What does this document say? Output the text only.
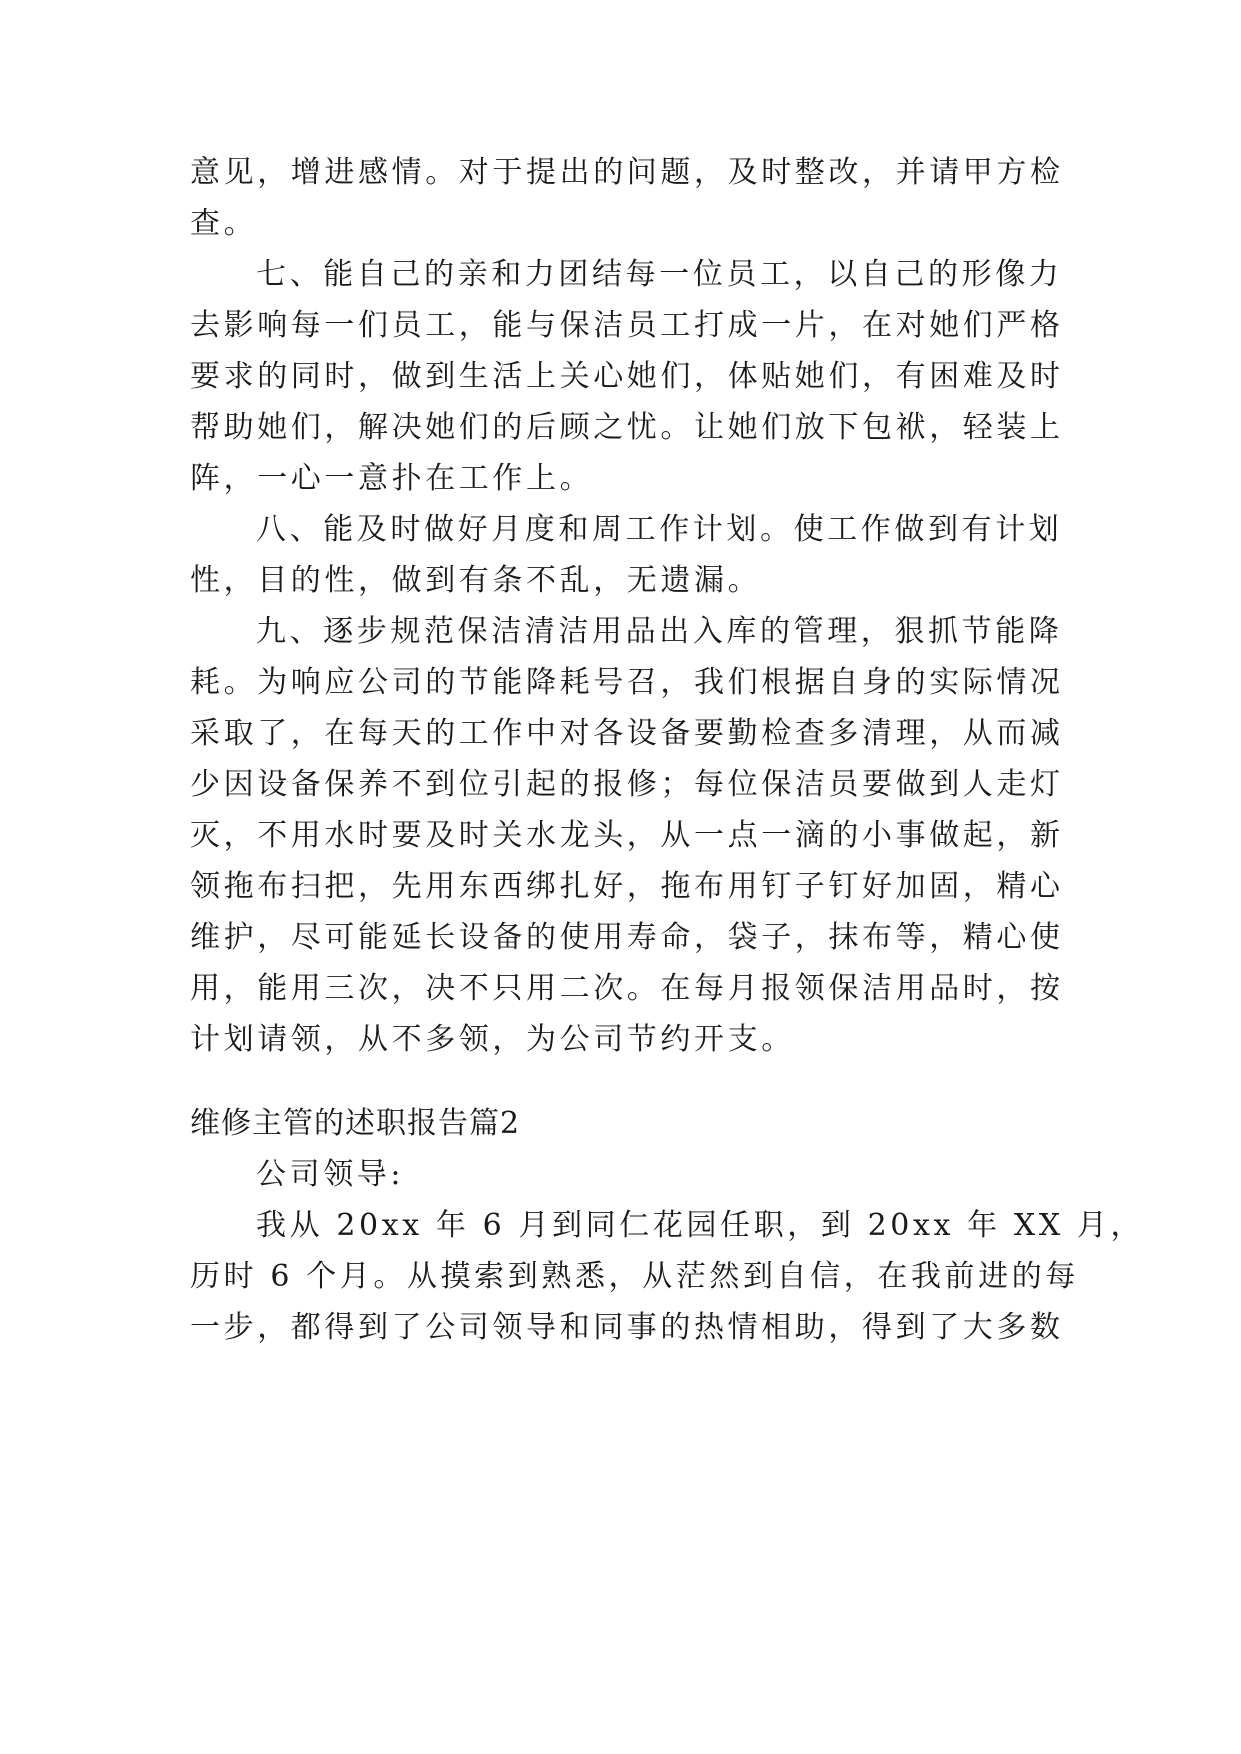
意见，增进感情。对于提出的问题，及时整改，并请甲方检
查。
七、能自己的亲和力团结每一位员工，以自己的形像力
去影响每一们员工，能与保洁员工打成一片，在对她们严格
要求的同时，做到生活上关心她们，体贴她们，有困难及时
帮助她们，解决她们的后顾之忧。让她们放下包袱，轻装上
阵，一心一意扑在工作上。
八、能及时做好月度和周工作计划。使工作做到有计划
性，目的性，做到有条不乱，无遗漏。
九、逐步规范保洁清洁用品出入库的管理，狠抓节能降
耗。为响应公司的节能降耗号召，我们根据自身的实际情况
采取了，在每天的工作中对各设备要勤检查多清理，从而减
少因设备保养不到位引起的报修；每位保洁员要做到人走灯
灭，不用水时要及时关水龙头，从一点一滴的小事做起，新
领拖布扫把，先用东西绑扎好，拖布用钉子钉好加固，精心
维护，尽可能延长设备的使用寿命，袋子，抹布等，精心使
用，能用三次，决不只用二次。在每月报领保洁用品时，按
计划请领，从不多领，为公司节约开支。
维修主管的述职报告篇2
公司领导:
我从 20xx 年 6 月到同仁花园任职，到 20xx 年 XX 月，
历时 6 个月。从摸索到熟悉，从茫然到自信，在我前进的每
一步，都得到了公司领导和同事的热情相助，得到了大多数
